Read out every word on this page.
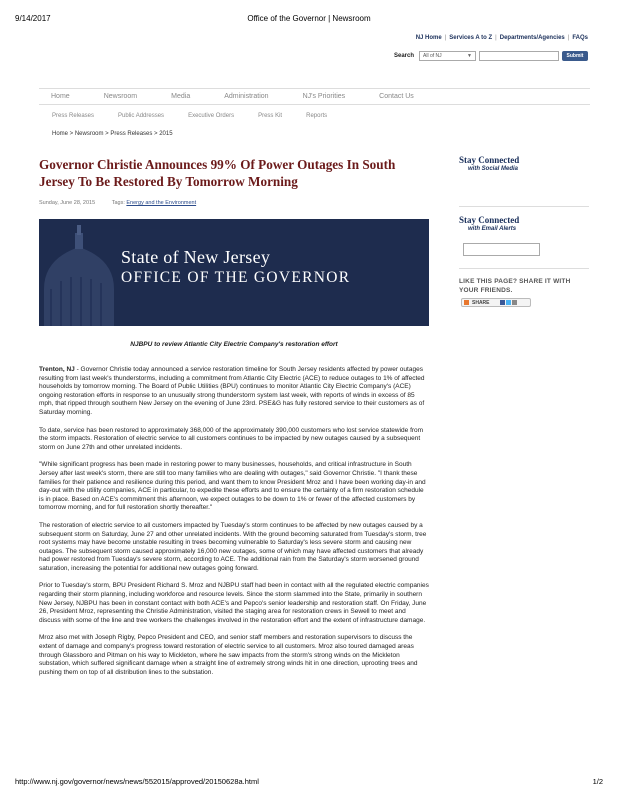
9/14/2017	Office of the Governor | Newsroom
NJ Home | Services A to Z | Departments/Agencies | FAQs
Search All of NJ	▼	Submit
Home	Newsroom	Media	Administration	NJ's Priorities	Contact Us
Press Releases	Public Addresses	Executive Orders	Press Kit	Reports
Home > Newsroom > Press Releases > 2015
Governor Christie Announces 99% Of Power Outages In South Jersey To Be Restored By Tomorrow Morning
Sunday, June 28, 2015	Tags: Energy and the Environment
State of New Jersey
OFFICE OF THE GOVERNOR
NJBPU to review Atlantic City Electric Company's restoration effort

Trenton, NJ - Governor Christie today announced a service restoration timeline for South Jersey residents affected by power outages resulting from last week's thunderstorms, including a commitment from Atlantic City Electric (ACE) to reduce outages to 1% of affected households by tomorrow morning. The Board of Public Utilities (BPU) continues to monitor Atlantic City Electric Company's (ACE) ongoing restoration efforts in response to an unusually strong thunderstorm system last week, with reports of winds in excess of 85 mph, that ripped through southern New Jersey on the evening of June 23rd. PSE&G has fully restored service to their customers as of Saturday morning.

To date, service has been restored to approximately 368,000 of the approximately 390,000 customers who lost service statewide from the storm impacts. Restoration of electric service to all customers continues to be impacted by new outages caused by a subsequent storm on June 27th and other unrelated incidents.

"While significant progress has been made in restoring power to many businesses, households, and critical infrastructure in South Jersey after last week's storm, there are still too many families who are dealing with outages," said Governor Christie. "I thank these families for their patience and resilience during this period, and want them to know President Mroz and I have been working day-in and day-out with the utility companies, ACE in particular, to expedite these efforts and to ensure the certainty of a firm restoration schedule is in place. Based on ACE's commitment this afternoon, we expect outages to be down to 1% or fewer of the affected customers by tomorrow morning, and for full restoration shortly thereafter."

The restoration of electric service to all customers impacted by Tuesday's storm continues to be affected by new outages caused by a subsequent storm on Saturday, June 27 and other unrelated incidents. With the ground becoming saturated from Tuesday's storm, tree root systems may have become unstable resulting in trees becoming vulnerable to Saturday's less severe storm and causing new outages. The subsequent storm caused approximately 16,000 new outages, some of which may have affected customers that already had power restored from Tuesday's severe storm, according to ACE. The additional rain from the Saturday's storm worsened ground saturation, increasing the potential for additional new outages going forward.

Prior to Tuesday's storm, BPU President Richard S. Mroz and NJBPU staff had been in contact with all the regulated electric companies regarding their storm planning, including workforce and resource levels. Since the storm slammed into the State, primarily in southern New Jersey, NJBPU has been in constant contact with both ACE's and Pepco's senior leadership and restoration staff. On Friday, June 26, President Mroz, representing the Christie Administration, visited the staging area for restoration crews in Sewell to meet and discuss with some of the line and tree workers the challenges involved in the restoration effort and the extent of infrastructure damage.

Mroz also met with Joseph Rigby, Pepco President and CEO, and senior staff members and restoration supervisors to discuss the extent of damage and company's progress toward restoration of electric service to all customers. Mroz also toured damaged areas through Glassboro and Pitman on his way to Mickleton, where he saw impacts from the storm's strong winds on the Mickleton substation, which suffered significant damage when a straight line of extremely strong winds hit in one direction, uprooting trees and pushing them on top of all distribution lines to the substation.

Stay Connected
with Social Media
Stay Connected
with Email Alerts
LIKE THIS PAGE? SHARE IT WITH YOUR FRIENDS.
SHARE
http://www.nj.gov/governor/news/news/552015/approved/20150628a.html	1/2
